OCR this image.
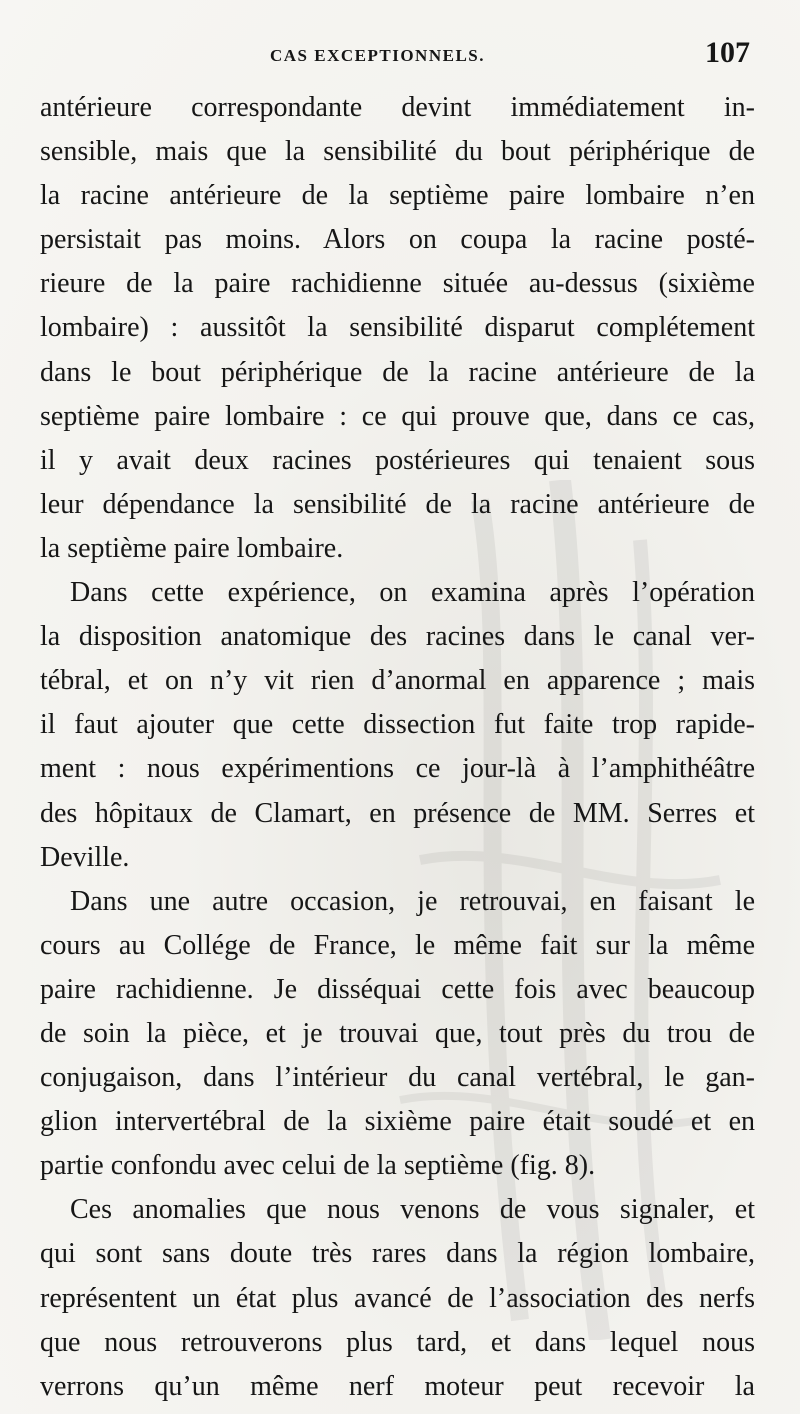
CAS EXCEPTIONNELS.	107
antérieure correspondante devint immédiatement in-
sensible, mais que la sensibilité du bout périphérique de
la racine antérieure de la septième paire lombaire n’en
persistait pas moins. Alors on coupa la racine posté-
rieure de la paire rachidienne située au-dessus (sixième
lombaire) : aussitôt la sensibilité disparut complétement
dans le bout périphérique de la racine antérieure de la
septième paire lombaire : ce qui prouve que, dans ce cas,
il y avait deux racines postérieures qui tenaient sous
leur dépendance la sensibilité de la racine antérieure de
la septième paire lombaire.
Dans cette expérience, on examina après l’opération
la disposition anatomique des racines dans le canal ver-
tébral, et on n’y vit rien d’anormal en apparence ; mais
il faut ajouter que cette dissection fut faite trop rapide-
ment : nous expérimentions ce jour-là à l’amphithéâtre
des hôpitaux de Clamart, en présence de MM. Serres et
Deville.
Dans une autre occasion, je retrouvai, en faisant le
cours au Collége de France, le même fait sur la même
paire rachidienne. Je disséquai cette fois avec beaucoup
de soin la pièce, et je trouvai que, tout près du trou de
conjugaison, dans l’intérieur du canal vertébral, le gan-
glion intervertébral de la sixième paire était soudé et en
partie confondu avec celui de la septième (fig. 8).
Ces anomalies que nous venons de vous signaler, et
qui sont sans doute très rares dans la région lombaire,
représentent un état plus avancé de l’association des nerfs
que nous retrouverons plus tard, et dans lequel nous
verrons qu’un même nerf moteur peut recevoir la
